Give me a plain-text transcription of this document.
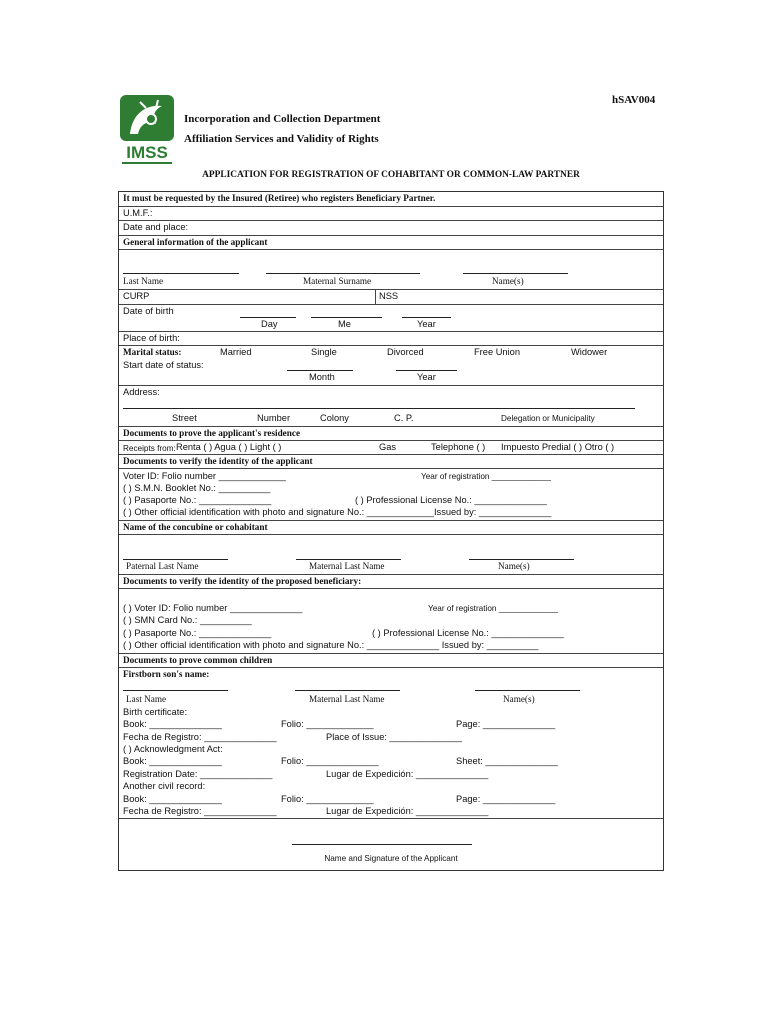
hSAV004
IMSS
Incorporation and Collection Department
Affiliation Services and Validity of Rights
APPLICATION FOR REGISTRATION OF COHABITANT OR COMMON-LAW PARTNER
It must be requested by the Insured (Retiree) who registers Beneficiary Partner.
U.M.F.:
Date and place:
General information of the applicant
Last Name	Maternal Surname	Name(s)
CURP	NSS
Date of birth
Day	Me	Year
Place of birth:
Marital status:	Married	Single	Divorced	Free Union	Widower
Start date of status:
Month	Year
Address:
Street	Number	Colony	C. P.	Delegation or Municipality
Documents to prove the applicant's residence
Receipts from: Renta ( ) Agua ( ) Light ( )	Gas	Telephone ( ) Impuesto Predial ( ) Otro ( )
Documents to verify the identity of the applicant
Voter ID: Folio number _____________	Year of registration _____________
( ) S.M.N. Booklet No.: __________
( ) Pasaporte No.: ______________	( ) Professional License No.: ______________
( ) Other official identification with photo and signature No.: _____________Issued by: ______________
Name of the concubine or cohabitant
Paternal Last Name	Maternal Last Name	Name(s)
Documents to verify the identity of the proposed beneficiary:
( ) Voter ID: Folio number ______________	Year of registration _____________
( ) SMN Card No.: __________
( ) Pasaporte No.: ______________	( ) Professional License No.: ______________
( ) Other official identification with photo and signature No.: ______________ Issued by: __________
Documents to prove common children
Firstborn son's name:
Last Name	Maternal Last Name	Name(s)
Birth certificate:
Book: ______________	Folio: _____________	Page: ______________
Fecha de Registro: ______________	Place of Issue: ______________
( ) Acknowledgment Act:
Book: ______________	Folio: ______________	Sheet: ______________
Registration Date: ______________	Lugar de Expedición: ______________
Another civil record:
Book: ______________	Folio: _____________	Page: ______________
Fecha de Registro: ______________	Lugar de Expedición: ______________
Name and Signature of the Applicant
